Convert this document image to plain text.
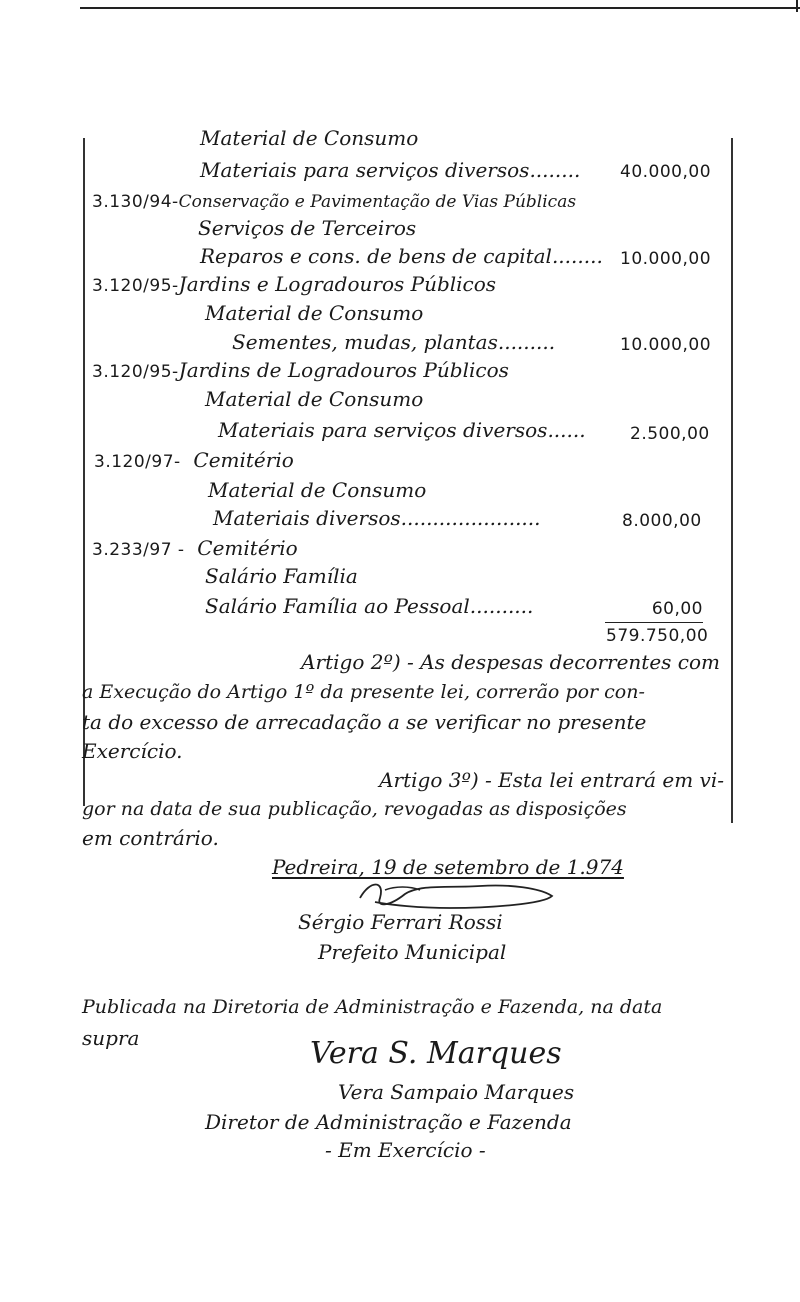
Material de Consumo
Materiais para serviços diversos........ 40.000,00
3.130/94-Conservação e Pavimentação de Vias Públicas
Serviços de Terceiros
Reparos e cons. de bens de capital........ 10.000,00
3.120/95-Jardins e Logradouros Públicos
Material de Consumo
Sementes, mudas, plantas.........	10.000,00
3.120/95-Jardins de Logradouros Públicos
Material de Consumo
Materiais para serviços diversos......	2.500,00
3.120/97- Cemitério
Material de Consumo
Materiais diversos......................	8.000,00
3.233/97 - Cemitério
Salário Família
Salário Família ao Pessoal..........	60,00
579.750,00
Artigo 2º) - As despesas decorrentes com
a Execução do Artigo 1º da presente lei, correrão por con-
ta do excesso de arrecadação a se verificar no presente
Exercício.
Artigo 3º) - Esta lei entrará em vi-
gor na data de sua publicação, revogadas as disposições
em contrário.
Pedreira, 19 de setembro de 1.974
Sérgio Ferrari Rossi
Prefeito Municipal
Publicada na Diretoria de Administração e Fazenda, na data
supra	Vera S. Marques
Vera Sampaio Marques
Diretor de Administração e Fazenda
- Em Exercício -
